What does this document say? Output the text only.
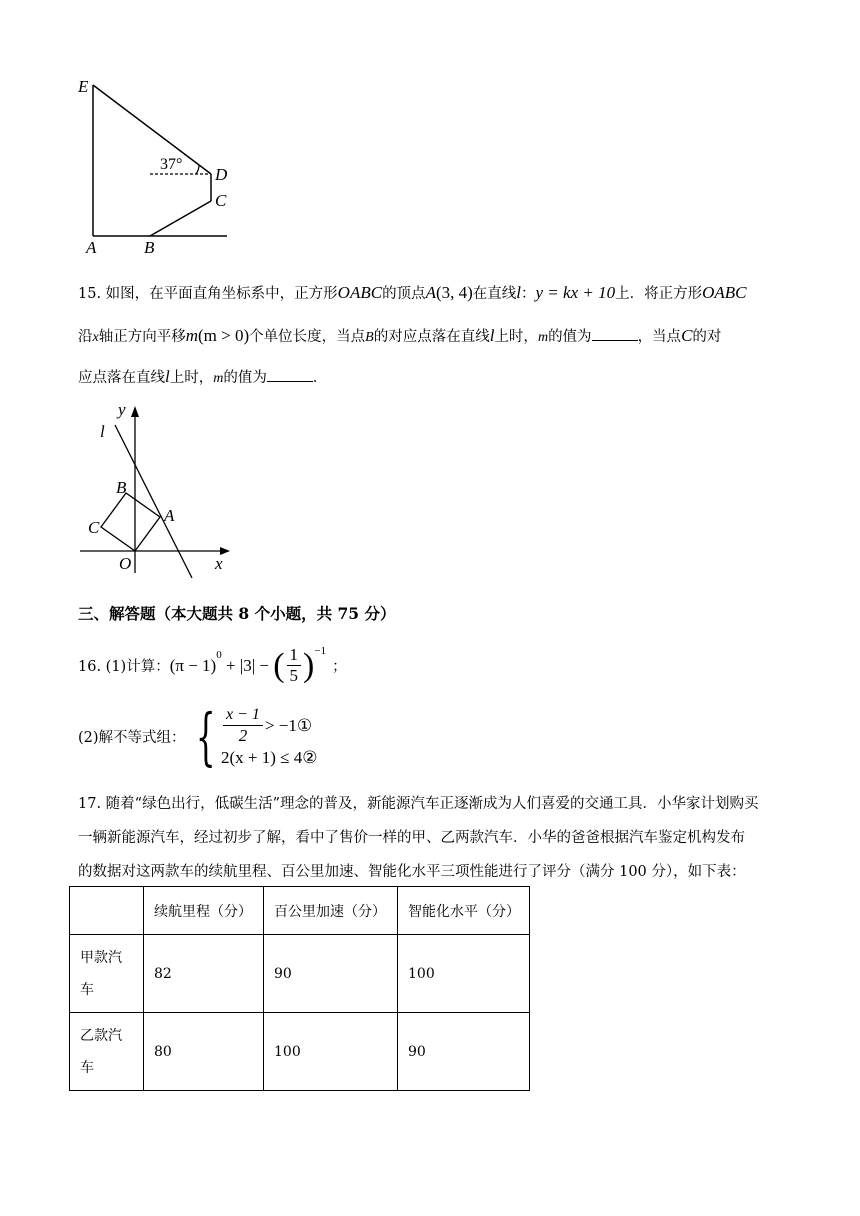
E
D
C
A	B
37°
15. 如图，在平面直角坐标系中，正方形OABC的顶点A(3, 4)在直线l：y = kx + 10上．将正方形OABC
沿x轴正方向平移m(m > 0)个单位长度，当点B的对应点落在直线l上时，m的值为	，当点C的对
应点落在直线l上时，m的值为	．
y
x
l
B
A
C
O
三、解答题（本大题共 8 个小题，共 75 分）
16. (1)计算： (π − 1)
$^0$
+ |3| − ( $\frac{1}{5} )^{-1}$
；
(2)解不等式组： { $\frac{x - 1}{2}$ > −1①
2(x + 1) ≤ 4②
17. 随着“绿色出行，低碳生活”理念的普及，新能源汽车正逐渐成为人们喜爱的交通工具．小华家计划购买
一辆新能源汽车，经过初步了解，看中了售价一样的甲、乙两款汽车．小华的爸爸根据汽车鉴定机构发布
的数据对这两款车的续航里程、百公里加速、智能化水平三项性能进行了评分（满分 100 分），如下表：
	续航里程（分）	百公里加速（分）	智能化水平（分）

甲款汽
车	82	90	100

乙款汽
车	80	100	90
